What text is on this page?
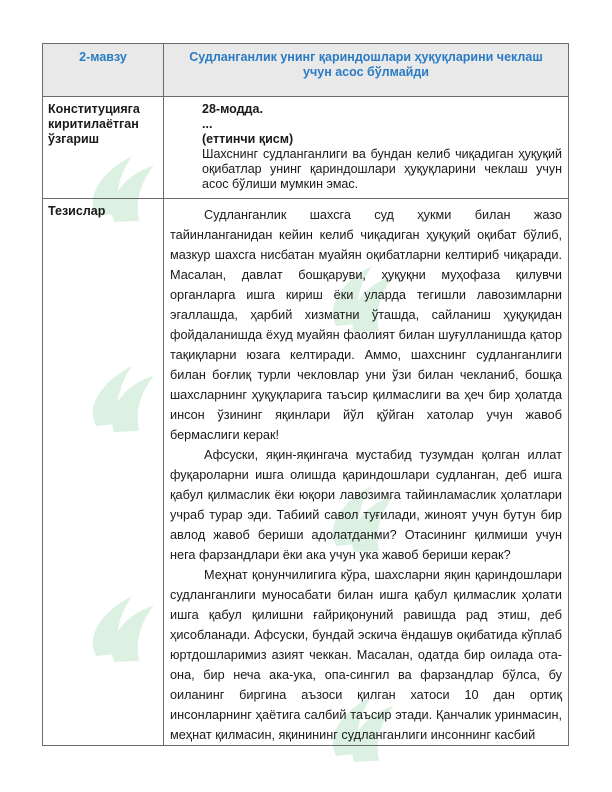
2-мавзу	Судланганлик унинг қариндошлари ҳуқуқларини чеклаш учун асос бўлмайди
Конституцияга киритилаётган ўзгариш	28-модда.
...
(еттинчи қисм)

Шахснинг судланганлиги ва бундан келиб чиқадиган ҳуқуқий оқибатлар унинг қариндошлари ҳуқуқларини чеклаш учун асос бўлиши мумкин эмас.

Тезислар	Судланганлик шахсга суд ҳукми билан жазо тайинланганидан кейин келиб чиқадиган ҳуқуқий оқибат бўлиб, мазкур шахсга нисбатан муайян оқибатларни келтириб чиқаради. Масалан, давлат бошқаруви, ҳуқуқни муҳофаза қилувчи органларга ишга кириш ёки уларда тегишли лавозимларни эгаллашда, ҳарбий хизматни ўташда, сайланиш ҳуқуқидан фойдаланишда ёхуд муайян фаолият билан шуғулланишда қатор тақиқларни юзага келтиради. Аммо, шахснинг судланганлиги билан боғлиқ турли чекловлар уни ўзи билан чекланиб, бошқа шахсларнинг ҳуқуқларига таъсир қилмаслиги ва ҳеч бир ҳолатда инсон ўзининг яқинлари йўл қўйган хатолар учун жавоб бермаслиги керак!

Афсуски, яқин-яқингача мустабид тузумдан қолган иллат фуқароларни ишга олишда қариндошлари судланган, деб ишга қабул қилмаслик ёки юқори лавозимга тайинламаслик ҳолатлари учраб турар эди. Табиий савол туғилади, жиноят учун бутун бир авлод жавоб бериши адолатданми? Отасининг қилмиши учун нега фарзандлари ёки ака учун ука жавоб бериши керак?

Меҳнат қонунчилигига кўра, шахсларни яқин қариндошлари судланганлиги муносабати билан ишга қабул қилмаслик ҳолати ишга қабул қилишни ғайриқонуний равишда рад этиш, деб ҳисобланади. Афсуски, бундай эскича ёндашув оқибатида кўплаб юртдошларимиз азият чеккан. Масалан, одатда бир оилада ота-она, бир неча ака-ука, опа-сингил ва фарзандлар бўлса, бу оиланинг биргина аъзоси қилган хатоси 10 дан ортиқ инсонларнинг ҳаётига салбий таъсир этади. Қанчалик уринмасин, меҳнат қилмасин, яқинининг судланганлиги инсоннинг касбий
